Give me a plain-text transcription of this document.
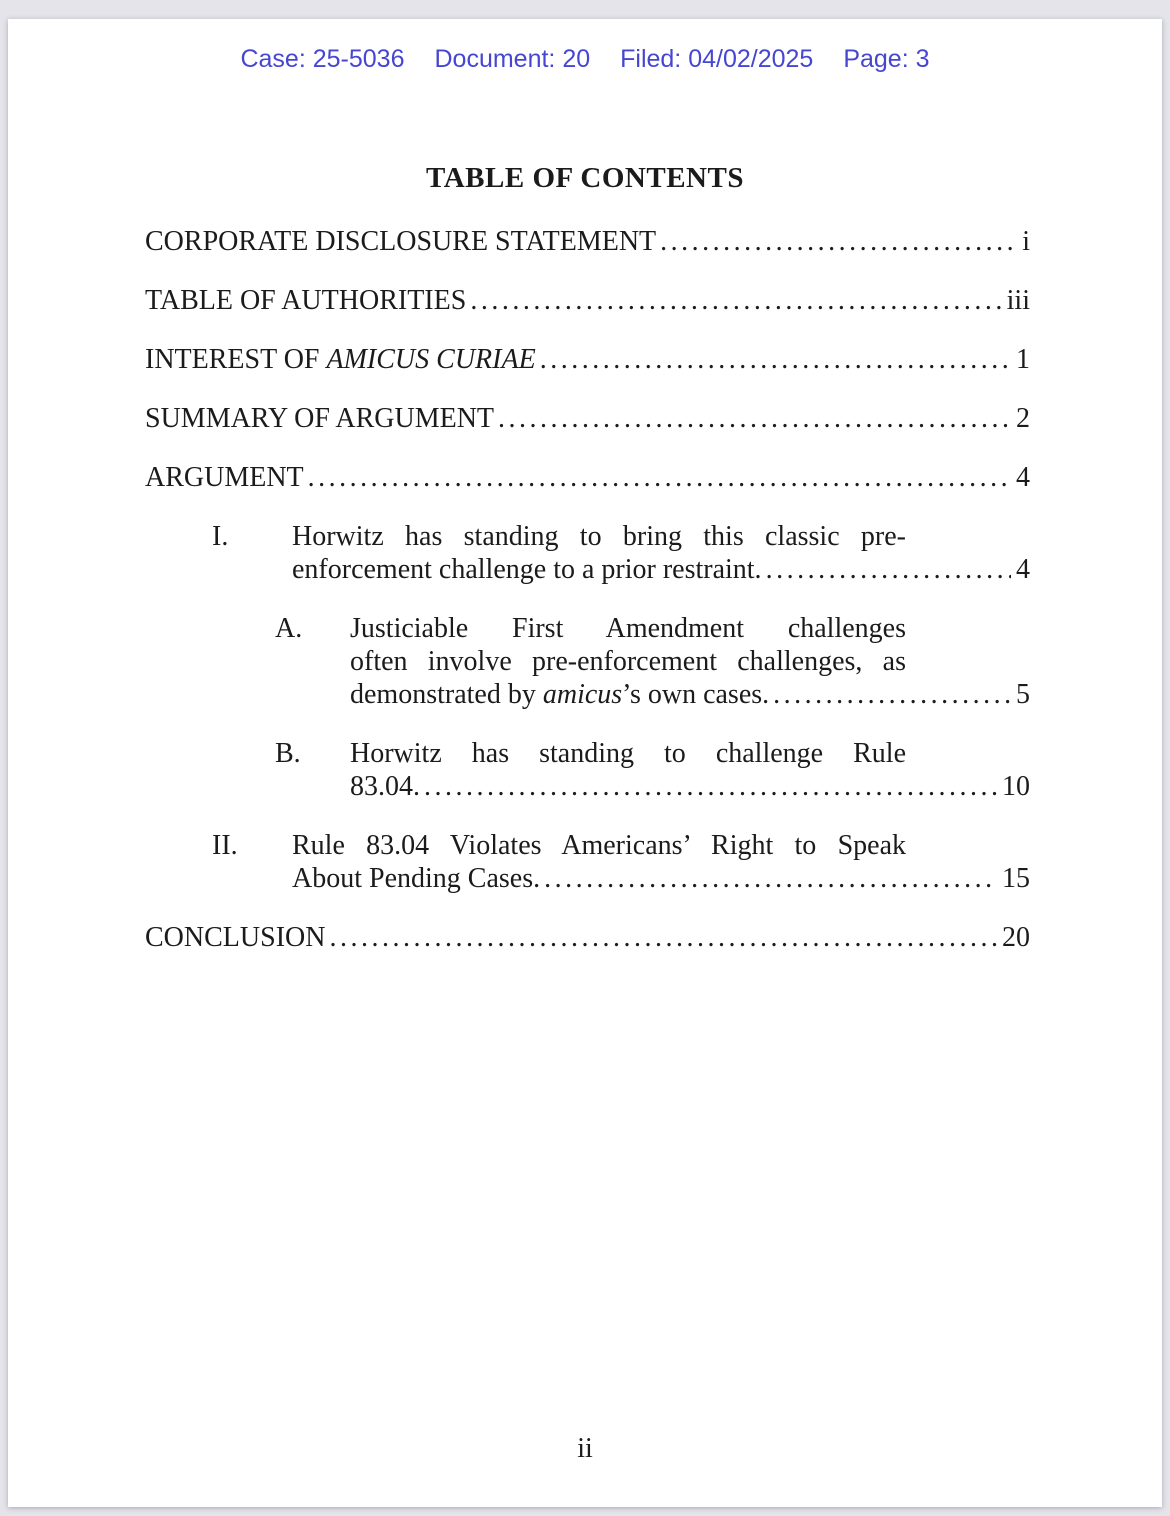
Case: 25-5036 Document: 20 Filed: 04/02/2025 Page: 3
TABLE OF CONTENTS
CORPORATE DISCLOSURE STATEMENT .....	i
TABLE OF AUTHORITIES .....	iii
INTEREST OF AMICUS CURIAE .....	1
SUMMARY OF ARGUMENT .....	2
ARGUMENT .....	4
I. Horwitz has standing to bring this classic pre-
enforcement challenge to a prior restraint. .....	4
A. Justiciable First Amendment challenges
often involve pre-enforcement challenges, as
demonstrated by amicus’s own cases. .....	5
B. Horwitz has standing to challenge Rule
83.04. .....	10
II. Rule 83.04 Violates Americans’ Right to Speak
About Pending Cases. .....	15
CONCLUSION .....	20
ii
